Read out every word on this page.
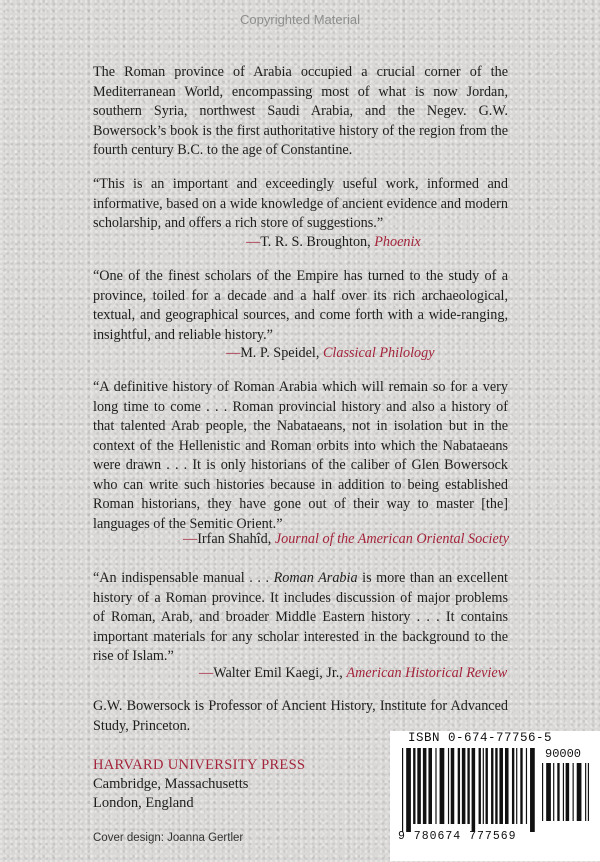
Copyrighted Material

The Roman province of Arabia occupied a crucial corner of the Mediterranean World, encompassing most of what is now Jordan, southern Syria, northwest Saudi Arabia, and the Negev. G.W. Bowersock’s book is the first authoritative history of the region from the fourth century B.C. to the age of Constantine.

“This is an important and exceedingly useful work, informed and informative, based on a wide knowledge of ancient evidence and modern scholarship, and offers a rich store of suggestions.”

—T. R. S. Broughton, Phoenix

“One of the finest scholars of the Empire has turned to the study of a province, toiled for a decade and a half over its rich archaeological, textual, and geographical sources, and come forth with a wide-ranging, insightful, and reliable history.”

—M. P. Speidel, Classical Philology

“A definitive history of Roman Arabia which will remain so for a very long time to come . . . Roman provincial history and also a history of that talented Arab people, the Nabataeans, not in isolation but in the context of the Hellenistic and Roman orbits into which the Nabataeans were drawn . . . It is only historians of the caliber of Glen Bowersock who can write such histories because in addition to being established Roman historians, they have gone out of their way to master [the] languages of the Semitic Orient.”

—Irfan Shahîd, Journal of the American Oriental Society

“An indispensable manual . . . Roman Arabia is more than an excellent history of a Roman province. It includes discussion of major problems of Roman, Arab, and broader Middle Eastern history . . . It contains important materials for any scholar interested in the background to the rise of Islam.”

—Walter Emil Kaegi, Jr., American Historical Review

G.W. Bowersock is Professor of Ancient History, Institute for Advanced Study, Princeton.

HARVARD UNIVERSITY PRESS
Cambridge, Massachusetts
London, England
Cover design: Joanna Gertler
ISBN 0-674-77756-5
90000
9 780674 777569
